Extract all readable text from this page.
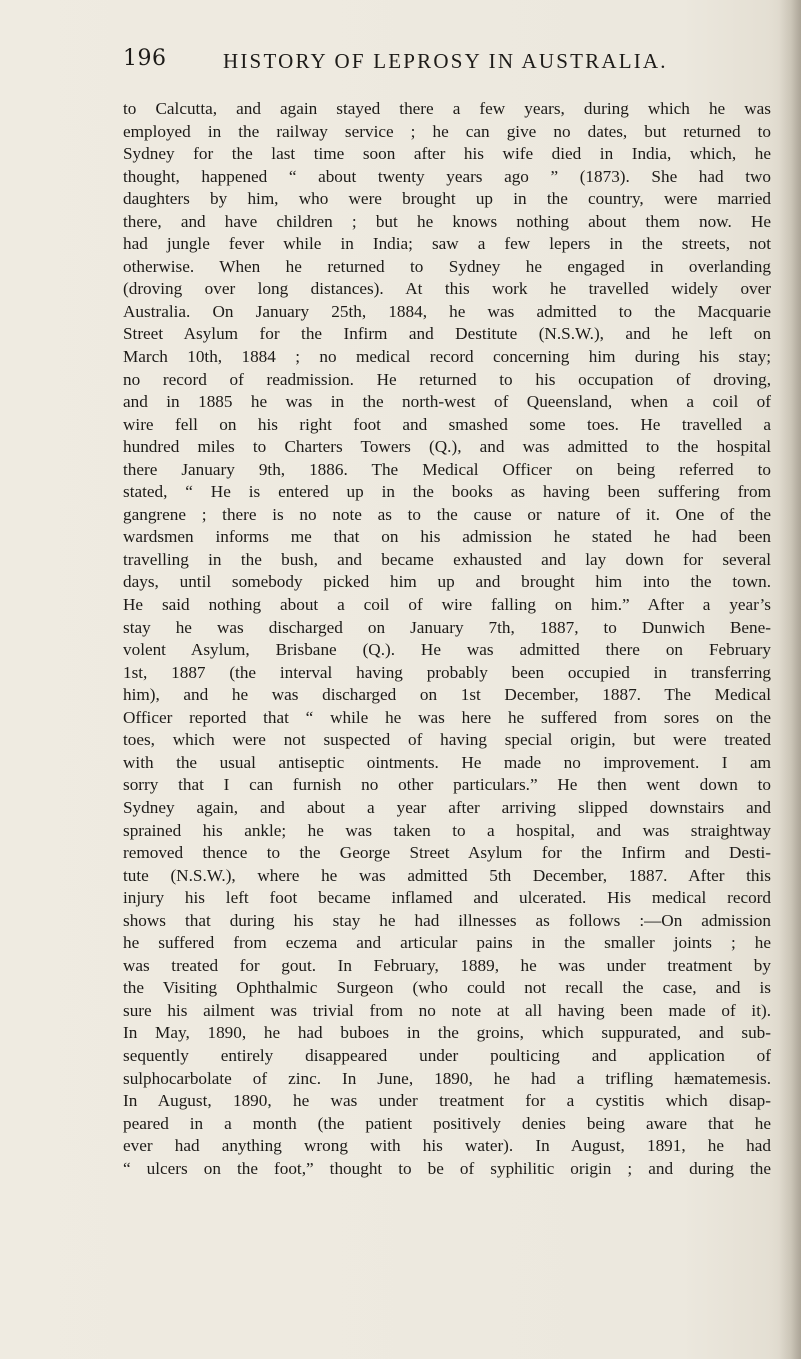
196	HISTORY OF LEPROSY IN AUSTRALIA.
to Calcutta, and again stayed there a few years, during which he was
employed in the railway service ; he can give no dates, but returned to
Sydney for the last time soon after his wife died in India, which, he
thought, happened “ about twenty years ago ” (1873). She had two
daughters by him, who were brought up in the country, were married
there, and have children ; but he knows nothing about them now. He
had jungle fever while in India; saw a few lepers in the streets, not
otherwise. When he returned to Sydney he engaged in overlanding
(droving over long distances). At this work he travelled widely over
Australia. On January 25th, 1884, he was admitted to the Macquarie
Street Asylum for the Infirm and Destitute (N.S.W.), and he left on
March 10th, 1884 ; no medical record concerning him during his stay;
no record of readmission. He returned to his occupation of droving,
and in 1885 he was in the north-west of Queensland, when a coil of
wire fell on his right foot and smashed some toes. He travelled a
hundred miles to Charters Towers (Q.), and was admitted to the hospital
there January 9th, 1886. The Medical Officer on being referred to
stated, “ He is entered up in the books as having been suffering from
gangrene ; there is no note as to the cause or nature of it. One of the
wardsmen informs me that on his admission he stated he had been
travelling in the bush, and became exhausted and lay down for several
days, until somebody picked him up and brought him into the town.
He said nothing about a coil of wire falling on him.” After a year’s
stay he was discharged on January 7th, 1887, to Dunwich Bene-
volent Asylum, Brisbane (Q.). He was admitted there on February
1st, 1887 (the interval having probably been occupied in transferring
him), and he was discharged on 1st December, 1887. The Medical
Officer reported that “ while he was here he suffered from sores on the
toes, which were not suspected of having special origin, but were treated
with the usual antiseptic ointments. He made no improvement. I am
sorry that I can furnish no other particulars.” He then went down to
Sydney again, and about a year after arriving slipped downstairs and
sprained his ankle; he was taken to a hospital, and was straightway
removed thence to the George Street Asylum for the Infirm and Desti-
tute (N.S.W.), where he was admitted 5th December, 1887. After this
injury his left foot became inflamed and ulcerated. His medical record
shows that during his stay he had illnesses as follows :—On admission
he suffered from eczema and articular pains in the smaller joints ; he
was treated for gout. In February, 1889, he was under treatment by
the Visiting Ophthalmic Surgeon (who could not recall the case, and is
sure his ailment was trivial from no note at all having been made of it).
In May, 1890, he had buboes in the groins, which suppurated, and sub-
sequently entirely disappeared under poulticing and application of
sulphocarbolate of zinc. In June, 1890, he had a trifling hæmatemesis.
In August, 1890, he was under treatment for a cystitis which disap-
peared in a month (the patient positively denies being aware that he
ever had anything wrong with his water). In August, 1891, he had
“ ulcers on the foot,” thought to be of syphilitic origin ; and during the
